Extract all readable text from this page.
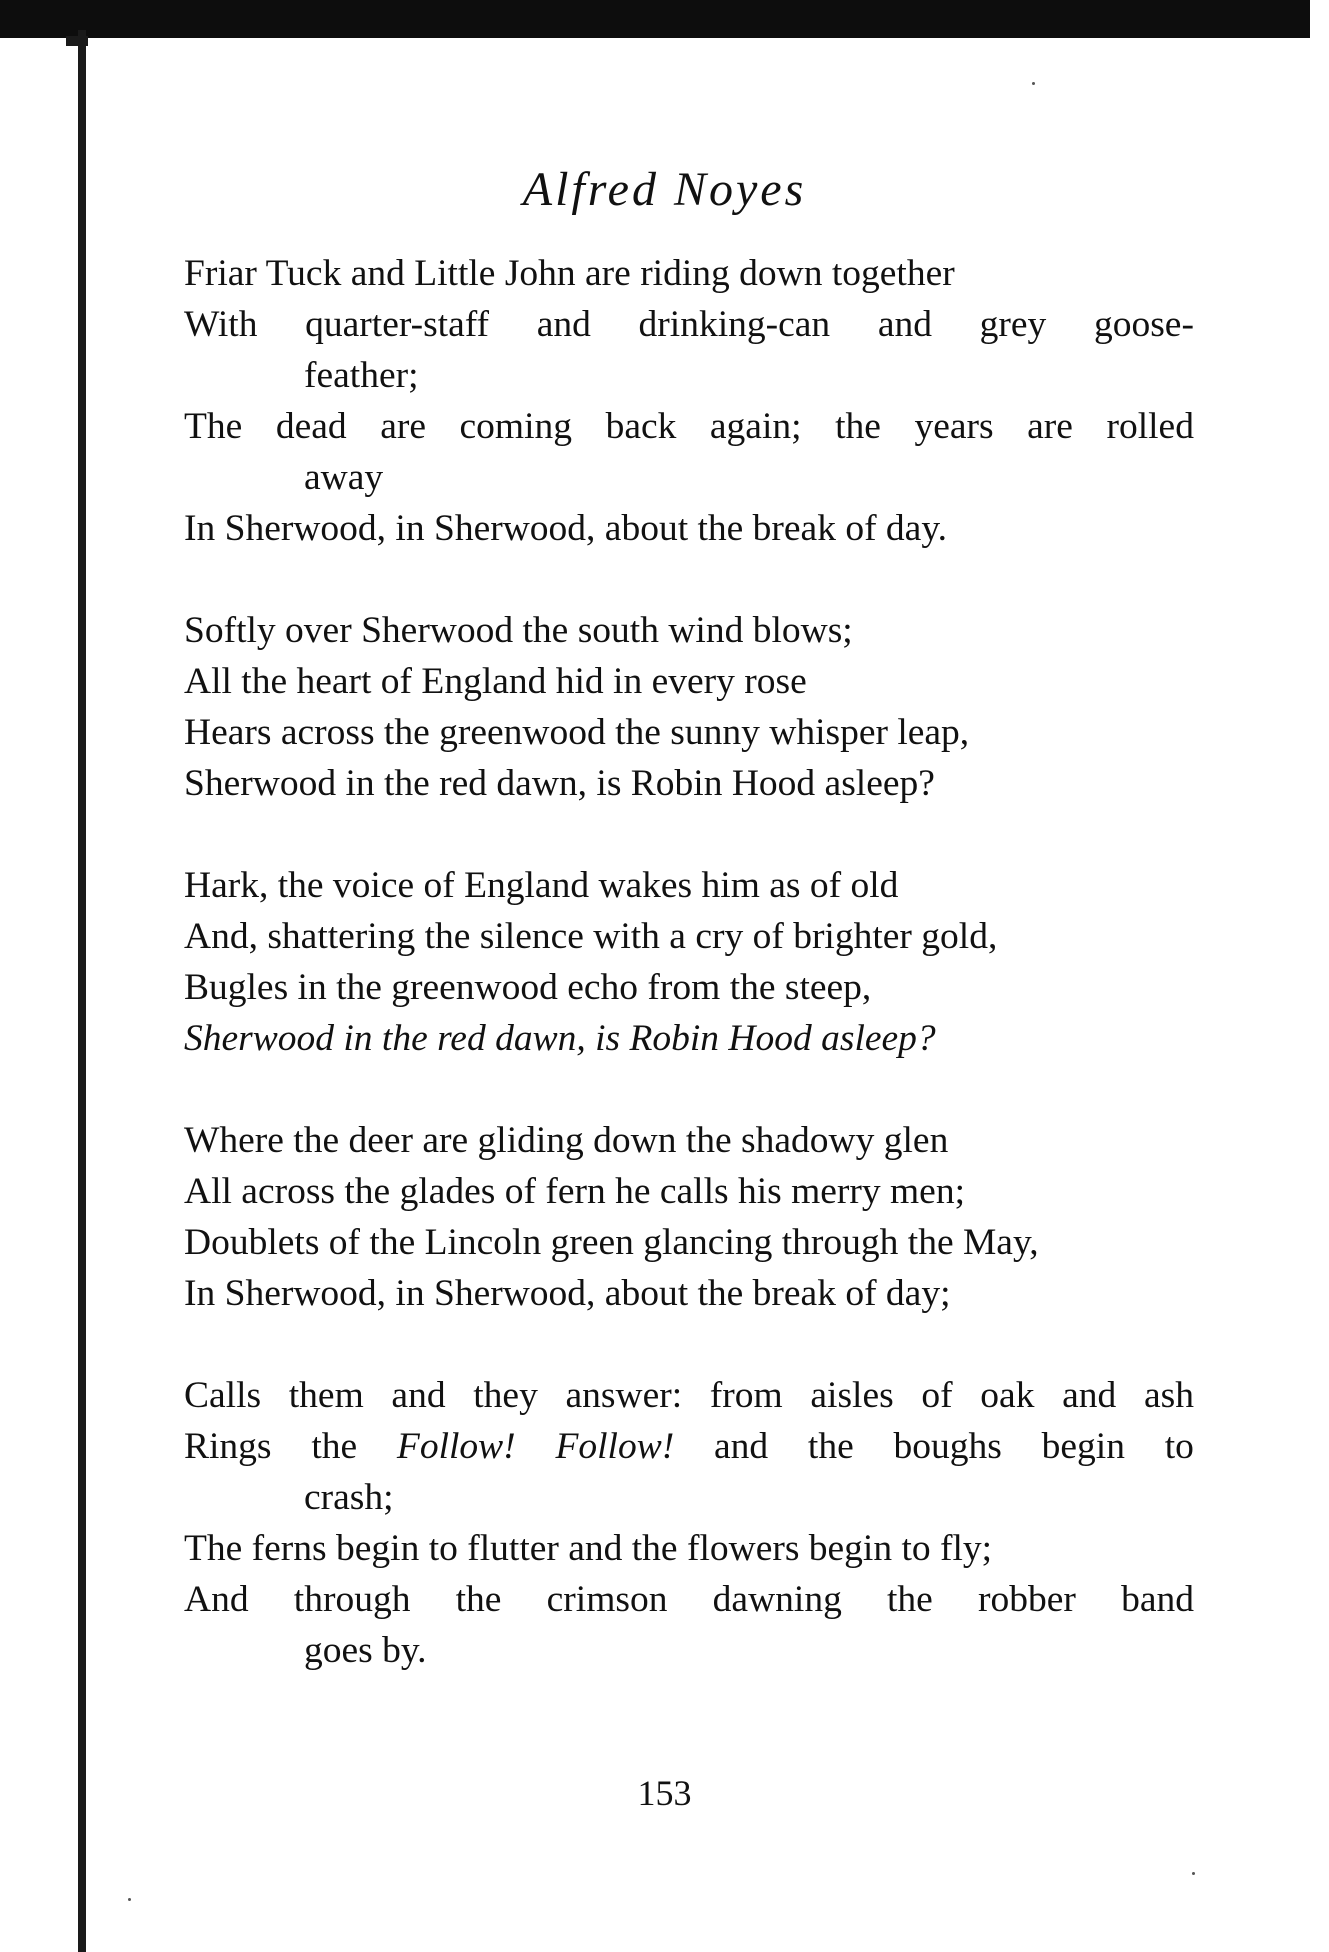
Alfred Noyes
Friar Tuck and Little John are riding down together
With quarter-staff and drinking-can and grey goose-
feather;
The dead are coming back again; the years are rolled
away
In Sherwood, in Sherwood, about the break of day.
Softly over Sherwood the south wind blows;
All the heart of England hid in every rose
Hears across the greenwood the sunny whisper leap,
Sherwood in the red dawn, is Robin Hood asleep?
Hark, the voice of England wakes him as of old
And, shattering the silence with a cry of brighter gold,
Bugles in the greenwood echo from the steep,
Sherwood in the red dawn, is Robin Hood asleep?
Where the deer are gliding down the shadowy glen
All across the glades of fern he calls his merry men;
Doublets of the Lincoln green glancing through the May,
In Sherwood, in Sherwood, about the break of day;
Calls them and they answer: from aisles of oak and ash
Rings the Follow! Follow! and the boughs begin to
crash;
The ferns begin to flutter and the flowers begin to fly;
And through the crimson dawning the robber band
goes by.
153
